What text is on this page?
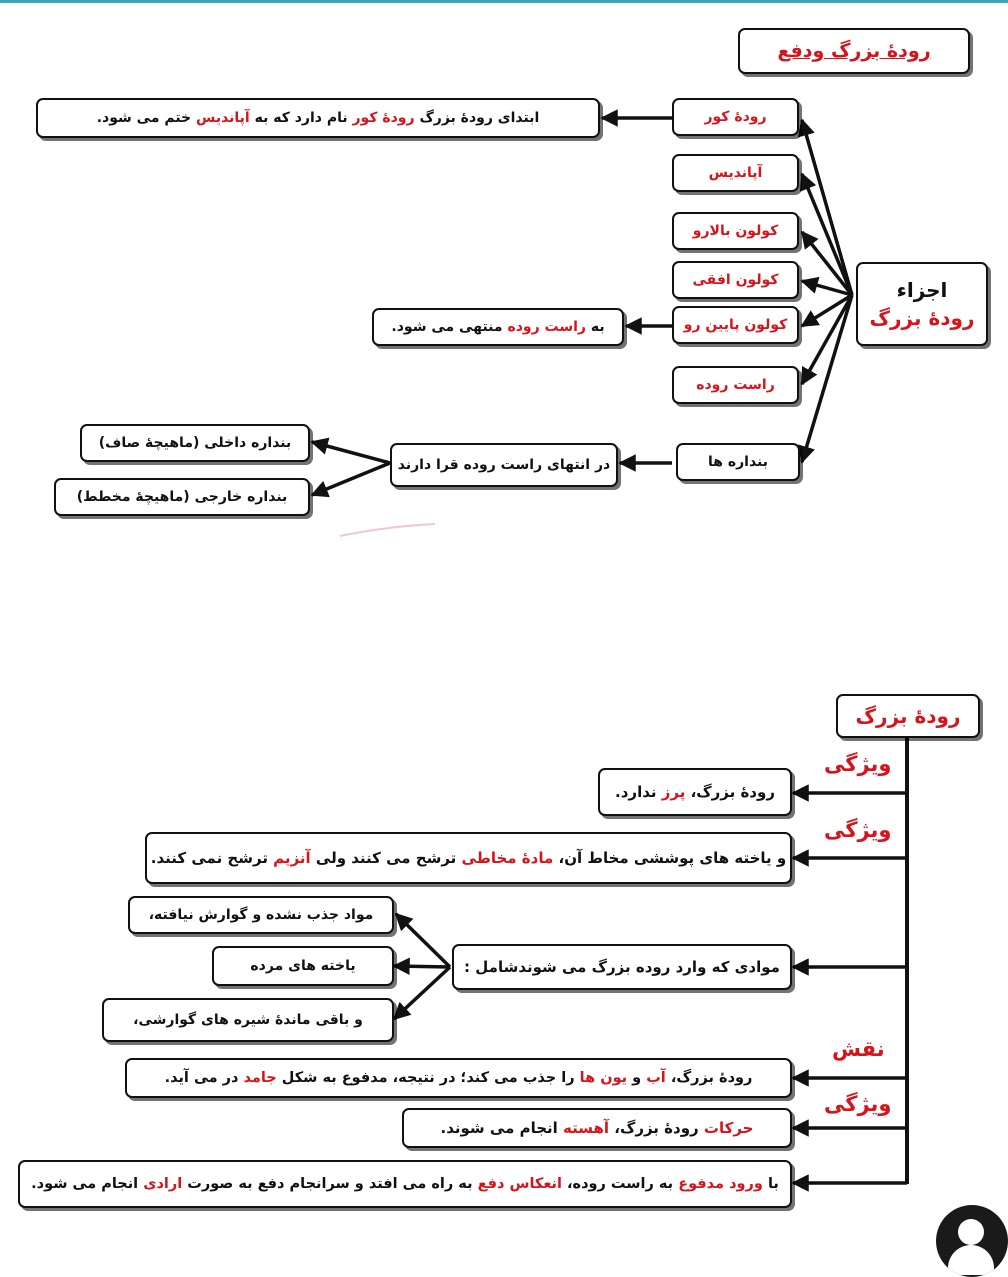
رودهٔ بزرگ ودفع
اجزاء
رودهٔ بزرگ
رودهٔ کور
آپاندیس
کولون بالارو
کولون افقی
کولون پایین رو
راست روده
بنداره ها
ابتدای رودهٔ بزرگ رودهٔ کور نام دارد که به آپاندیس ختم می شود.
به راست روده منتهی می شود.
در انتهای راست روده قرا دارند
بنداره داخلی (ماهیچهٔ صاف)
بنداره خارجی (ماهیچهٔ مخطط)
رودهٔ بزرگ
ویژگی
ویژگی
نقش
ویژگی
رودهٔ بزرگ، پرز ندارد.
و یاخته های پوششی مخاط آن، مادهٔ مخاطی ترشح می کنند ولی آنزیم ترشح نمی کنند.
موادی که وارد روده بزرگ می شوندشامل :
مواد جذب نشده و گوارش نیافته،
یاخته های مرده
و باقی ماندهٔ شیره های گوارشی،
رودهٔ بزرگ، آب و یون ها را جذب می کند؛ در نتیجه، مدفوع به شکل جامد در می آید.
حرکات رودهٔ بزرگ، آهسته انجام می شوند.
با ورود مدفوع به راست روده، انعکاس دفع به راه می افتد و سرانجام دفع به صورت ارادی انجام می شود.
